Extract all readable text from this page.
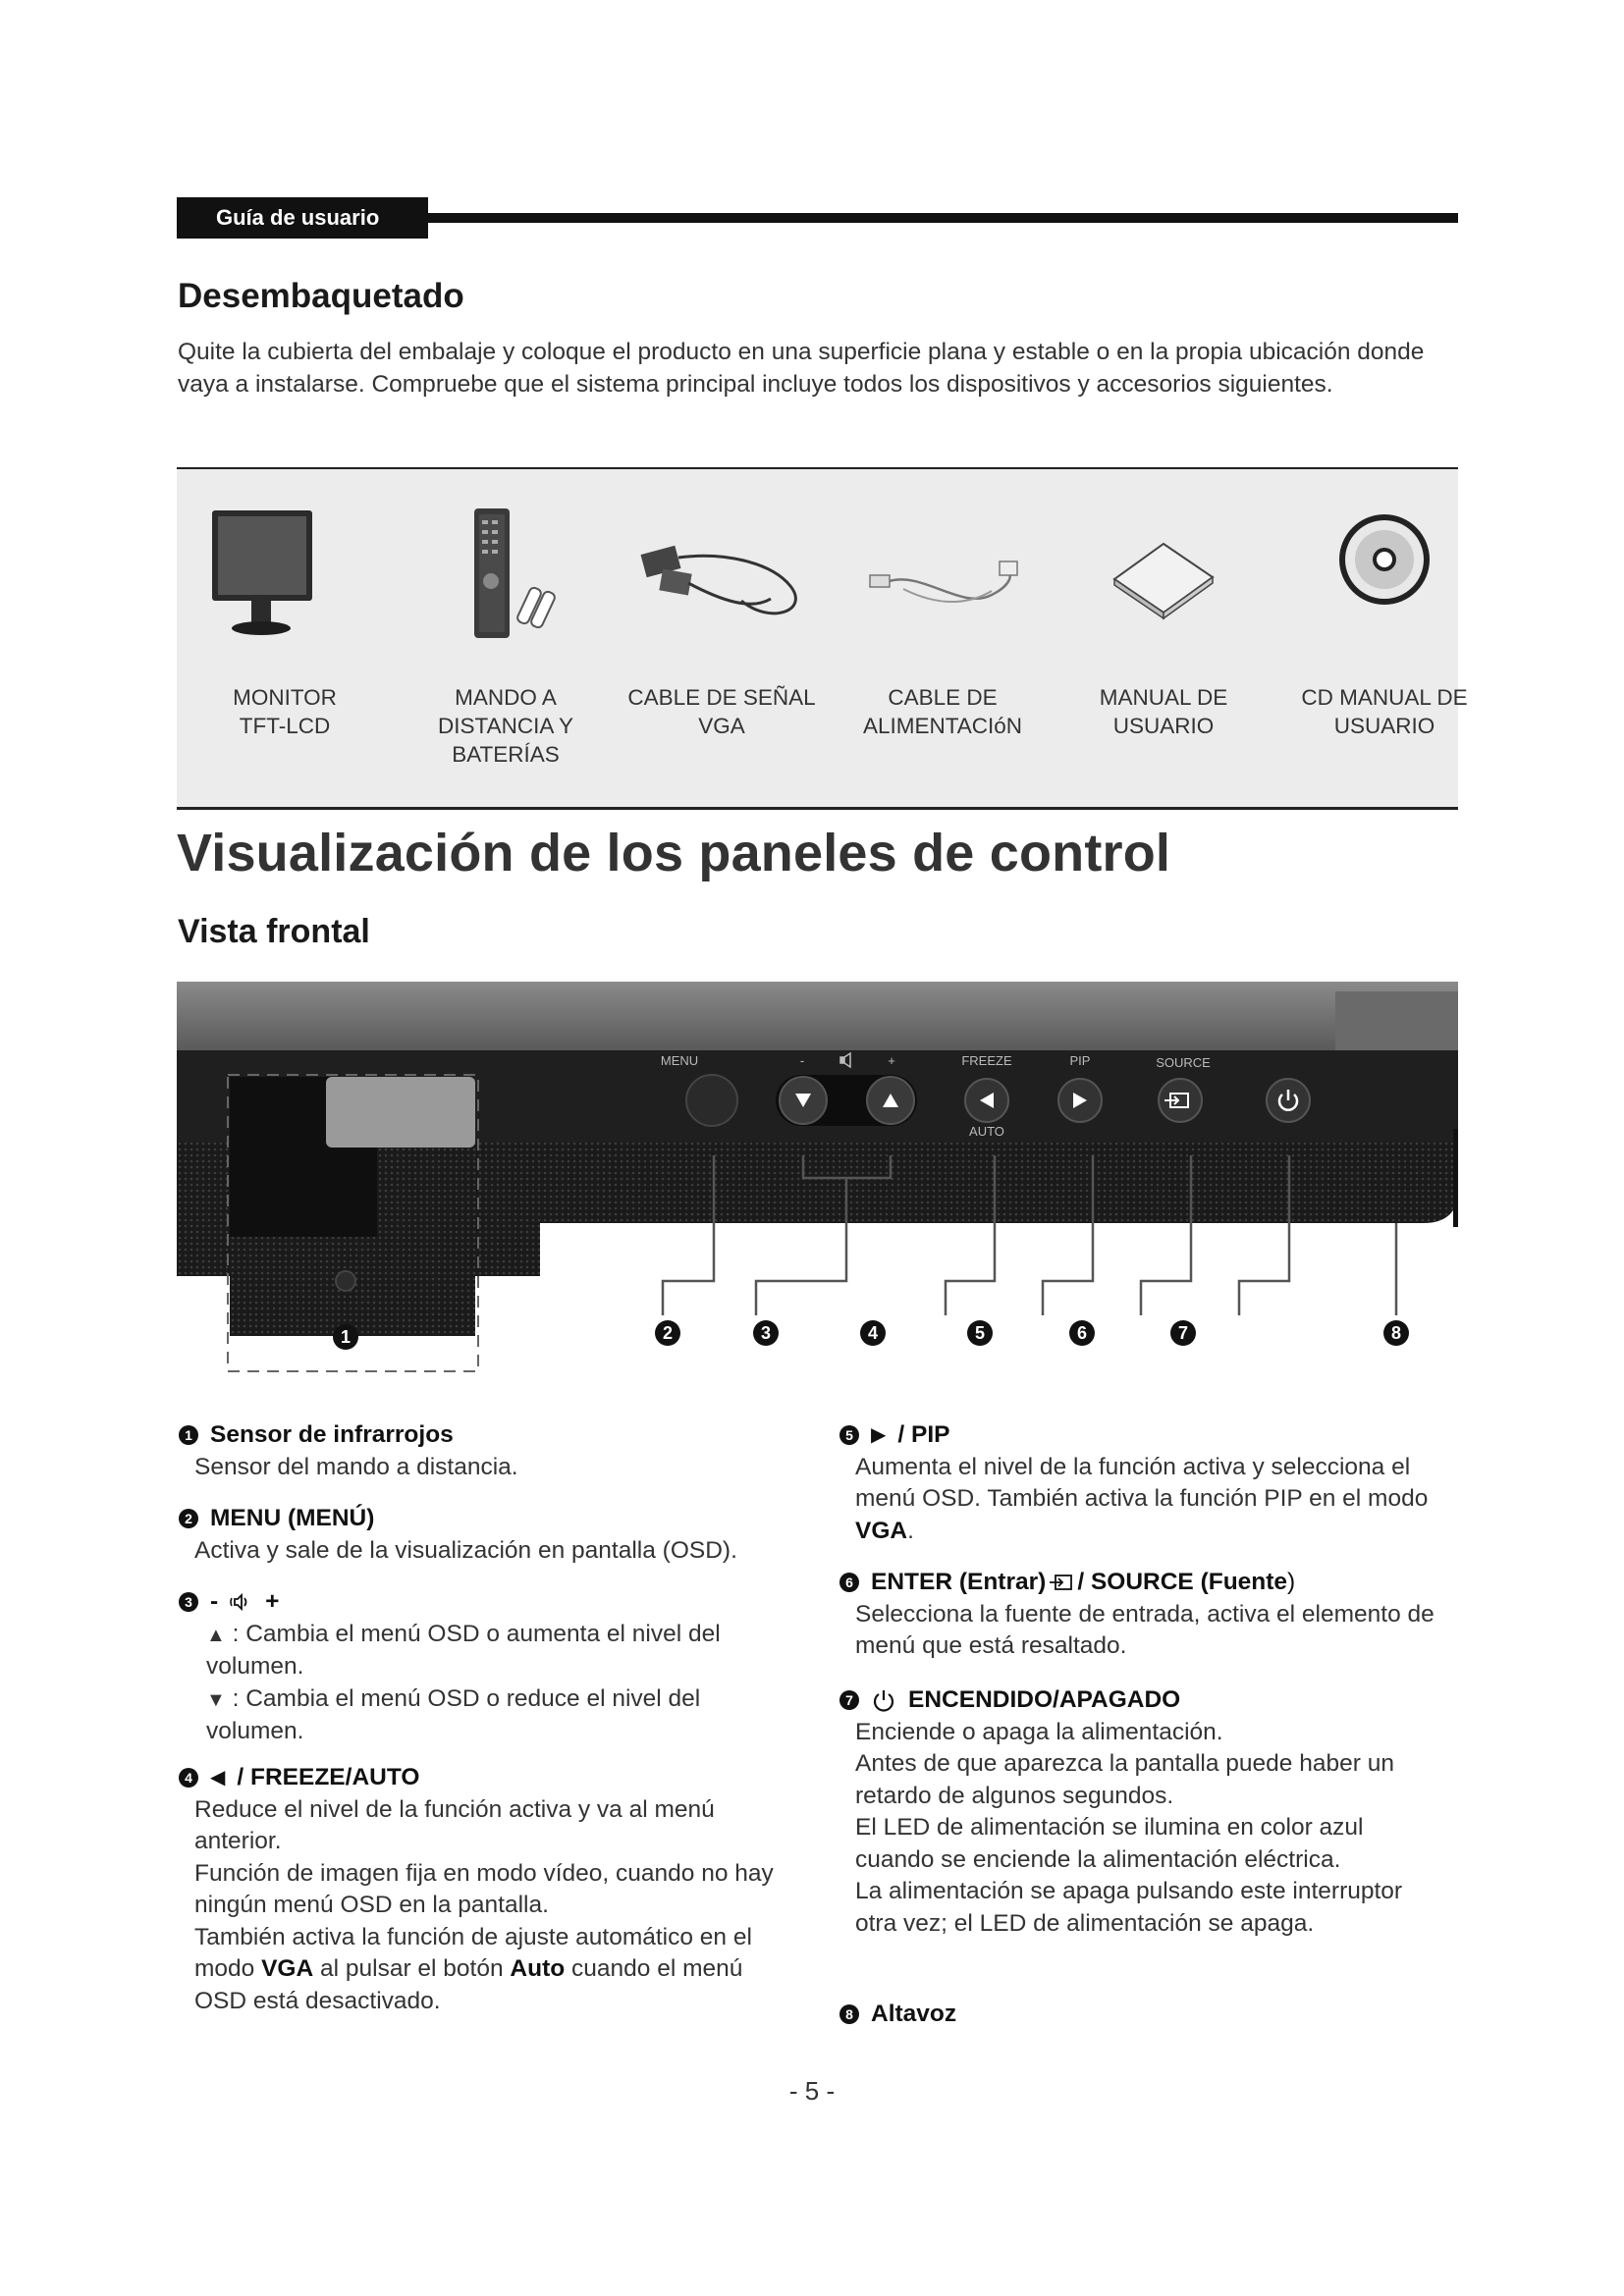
Guía de usuario
Desembaquetado

Quite la cubierta del embalaje y coloque el producto en una superficie plana y estable o en la propia ubicación donde vaya a instalarse. Compruebe que el sistema principal incluye todos los dispositivos y accesorios siguientes.

MONITOR
TFT-LCD
MANDO A
DISTANCIA Y
BATERÍAS
CABLE DE SEÑAL
VGA
CABLE DE
ALIMENTACIóN
MANUAL DE
USUARIO
CD MANUAL DE
USUARIO
Visualización de los paneles de control
Vista frontal
MENU	-	+	FREEZE	PIP	SOURCE
AUTO
1	2	3	4	5	6	7	8
1 Sensor de infrarrojos
Sensor del mando a distancia.
2 MENU (MENÚ)
Activa y sale de la visualización en pantalla (OSD).
3 - +
▲ : Cambia el menú OSD o aumenta el nivel del volumen.
▼ : Cambia el menú OSD o reduce el nivel del volumen.
4 ◀ / FREEZE/AUTO
Reduce el nivel de la función activa y va al menú anterior.
Función de imagen fija en modo vídeo, cuando no hay ningún menú OSD en la pantalla.
También activa la función de ajuste automático en el modo VGA al pulsar el botón Auto cuando el menú OSD está desactivado.
5 ▶ / PIP
Aumenta el nivel de la función activa y selecciona el menú OSD. También activa la función PIP en el modo VGA.
6 ENTER (Entrar) / SOURCE (Fuente )
Selecciona la fuente de entrada, activa el elemento de menú que está resaltado.
7 ENCENDIDO/APAGADO
Enciende o apaga la alimentación.
Antes de que aparezca la pantalla puede haber un retardo de algunos segundos.
El LED de alimentación se ilumina en color azul cuando se enciende la alimentación eléctrica.
La alimentación se apaga pulsando este interruptor otra vez; el LED de alimentación se apaga.
8 Altavoz
- 5 -
